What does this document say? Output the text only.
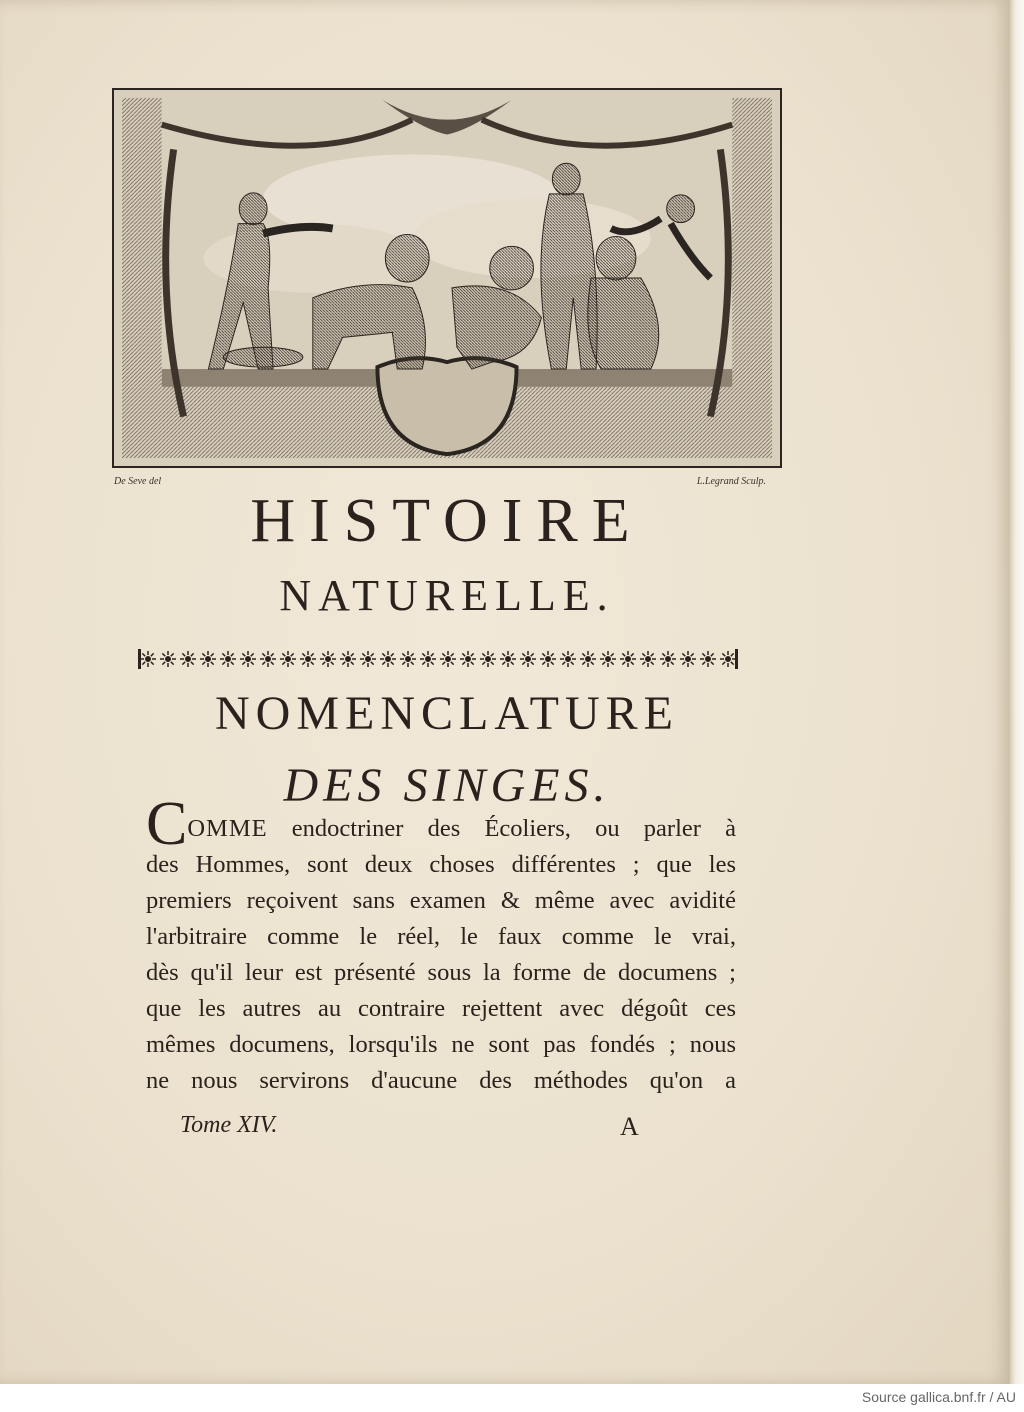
De Seve del	L.Legrand Sculp.
HISTOIRE
NATURELLE.
NOMENCLATURE
DES SINGES.
COMME endoctriner des Écoliers, ou parler à
des Hommes, sont deux choses différentes ; que les
premiers reçoivent sans examen & même avec avidité
l'arbitraire comme le réel, le faux comme le vrai,
dès qu'il leur est présenté sous la forme de documens ;
que les autres au contraire rejettent avec dégoût ces
mêmes documens, lorsqu'ils ne sont pas fondés ; nous
ne nous servirons d'aucune des méthodes qu'on a
Tome XIV.	A
Source gallica.bnf.fr / AU
